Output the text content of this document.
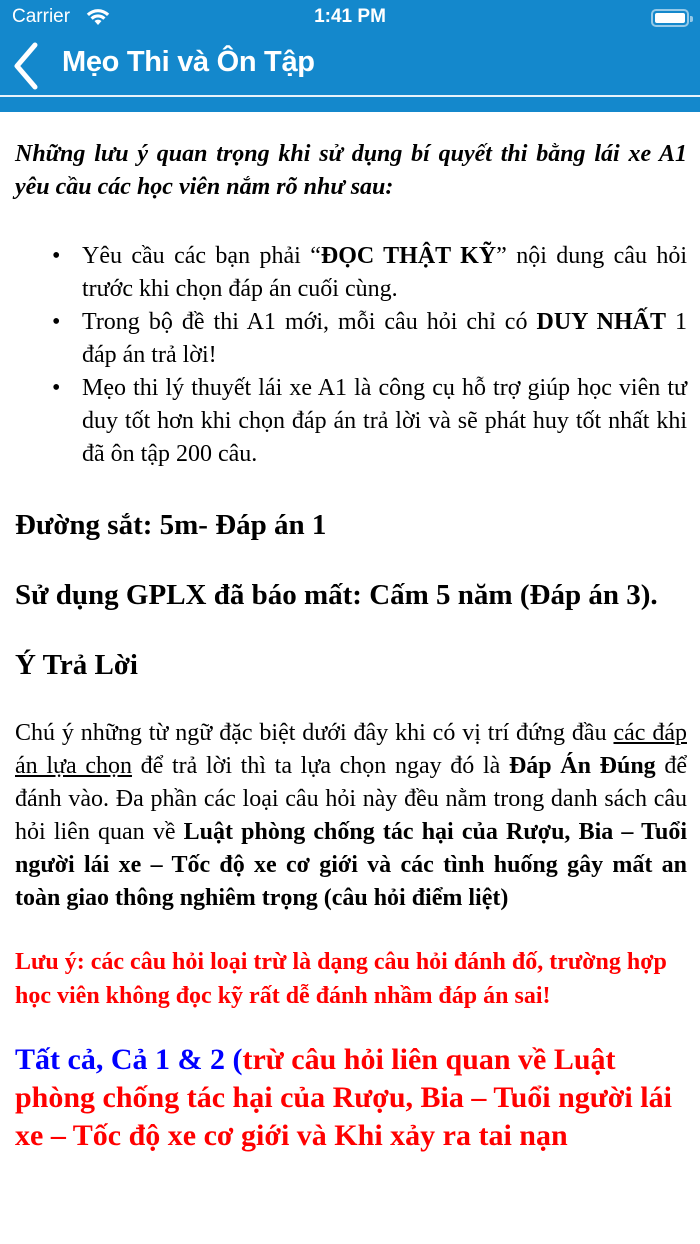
Carrier	1:41 PM
Mẹo Thi và Ôn Tập

Những lưu ý quan trọng khi sử dụng bí quyết thi bằng lái xe A1 yêu cầu các học viên nắm rõ như sau:

• Yêu cầu các bạn phải “ĐỌC THẬT KỸ” nội dung câu hỏi trước khi chọn đáp án cuối cùng.
• Trong bộ đề thi A1 mới, mỗi câu hỏi chỉ có DUY NHẤT 1 đáp án trả lời!
• Mẹo thi lý thuyết lái xe A1 là công cụ hỗ trợ giúp học viên tư duy tốt hơn khi chọn đáp án trả lời và sẽ phát huy tốt nhất khi đã ôn tập 200 câu.
Đường sắt: 5m- Đáp án 1
Sử dụng GPLX đã báo mất: Cấm 5 năm (Đáp án 3).
Ý Trả Lời

Chú ý những từ ngữ đặc biệt dưới đây khi có vị trí đứng đầu các đáp án lựa chọn để trả lời thì ta lựa chọn ngay đó là Đáp Án Đúng để đánh vào. Đa phần các loại câu hỏi này đều nằm trong danh sách câu hỏi liên quan về Luật phòng chống tác hại của Rượu, Bia – Tuổi người lái xe – Tốc độ xe cơ giới và các tình huống gây mất an toàn giao thông nghiêm trọng (câu hỏi điểm liệt)

Lưu ý: các câu hỏi loại trừ là dạng câu hỏi đánh đố, trường hợp học viên không đọc kỹ rất dễ đánh nhầm đáp án sai!

Tất cả, Cả 1 & 2 (trừ câu hỏi liên quan về Luật phòng chống tác hại của Rượu, Bia – Tuổi người lái xe – Tốc độ xe cơ giới và Khi xảy ra tai nạn
